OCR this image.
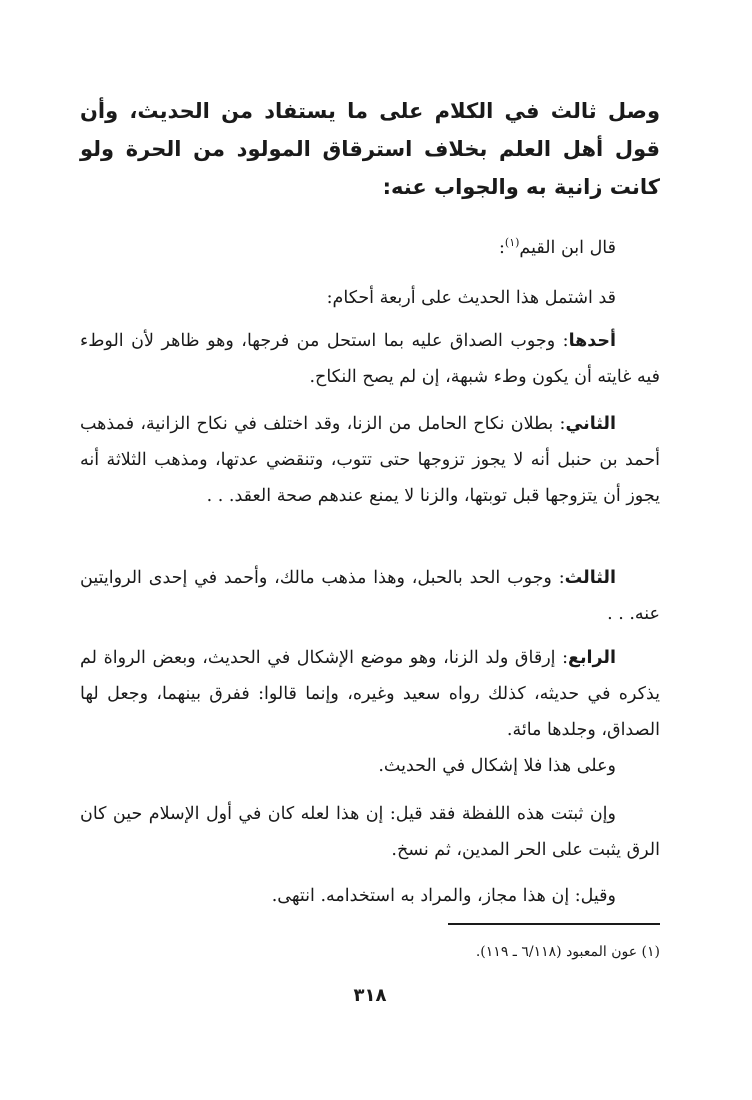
وصل ثالث في الكلام على ما يستفاد من الحديث، وأن قول أهل العلم بخلاف استرقاق المولود من الحرة ولو كانت زانية به والجواب عنه:

قال ابن القيم$^{(١)}$:

قد اشتمل هذا الحديث على أربعة أحكام:

أحدها: وجوب الصداق عليه بما استحل من فرجها، وهو ظاهر لأن الوطء فيه غايته أن يكون وطء شبهة، إن لم يصح النكاح.

الثاني: بطلان نكاح الحامل من الزنا، وقد اختلف في نكاح الزانية، فمذهب أحمد بن حنبل أنه لا يجوز تزوجها حتى تتوب، وتنقضي عدتها، ومذهب الثلاثة أنه يجوز أن يتزوجها قبل توبتها، والزنا لا يمنع عندهم صحة العقد. . .

الثالث: وجوب الحد بالحبل، وهذا مذهب مالك، وأحمد في إحدى الروايتين عنه. . .

الرابع: إرقاق ولد الزنا، وهو موضع الإشكال في الحديث، وبعض الرواة لم يذكره في حديثه، كذلك رواه سعيد وغيره، وإنما قالوا: ففرق بينهما، وجعل لها الصداق، وجلدها مائة.

وعلى هذا فلا إشكال في الحديث.

وإن ثبتت هذه اللفظة فقد قيل: إن هذا لعله كان في أول الإسلام حين كان الرق يثبت على الحر المدين، ثم نسخ.

وقيل: إن هذا مجاز، والمراد به استخدامه. انتهى.

(١) عون المعبود (٦/١١٨ ـ ١١٩).

٣١٨
